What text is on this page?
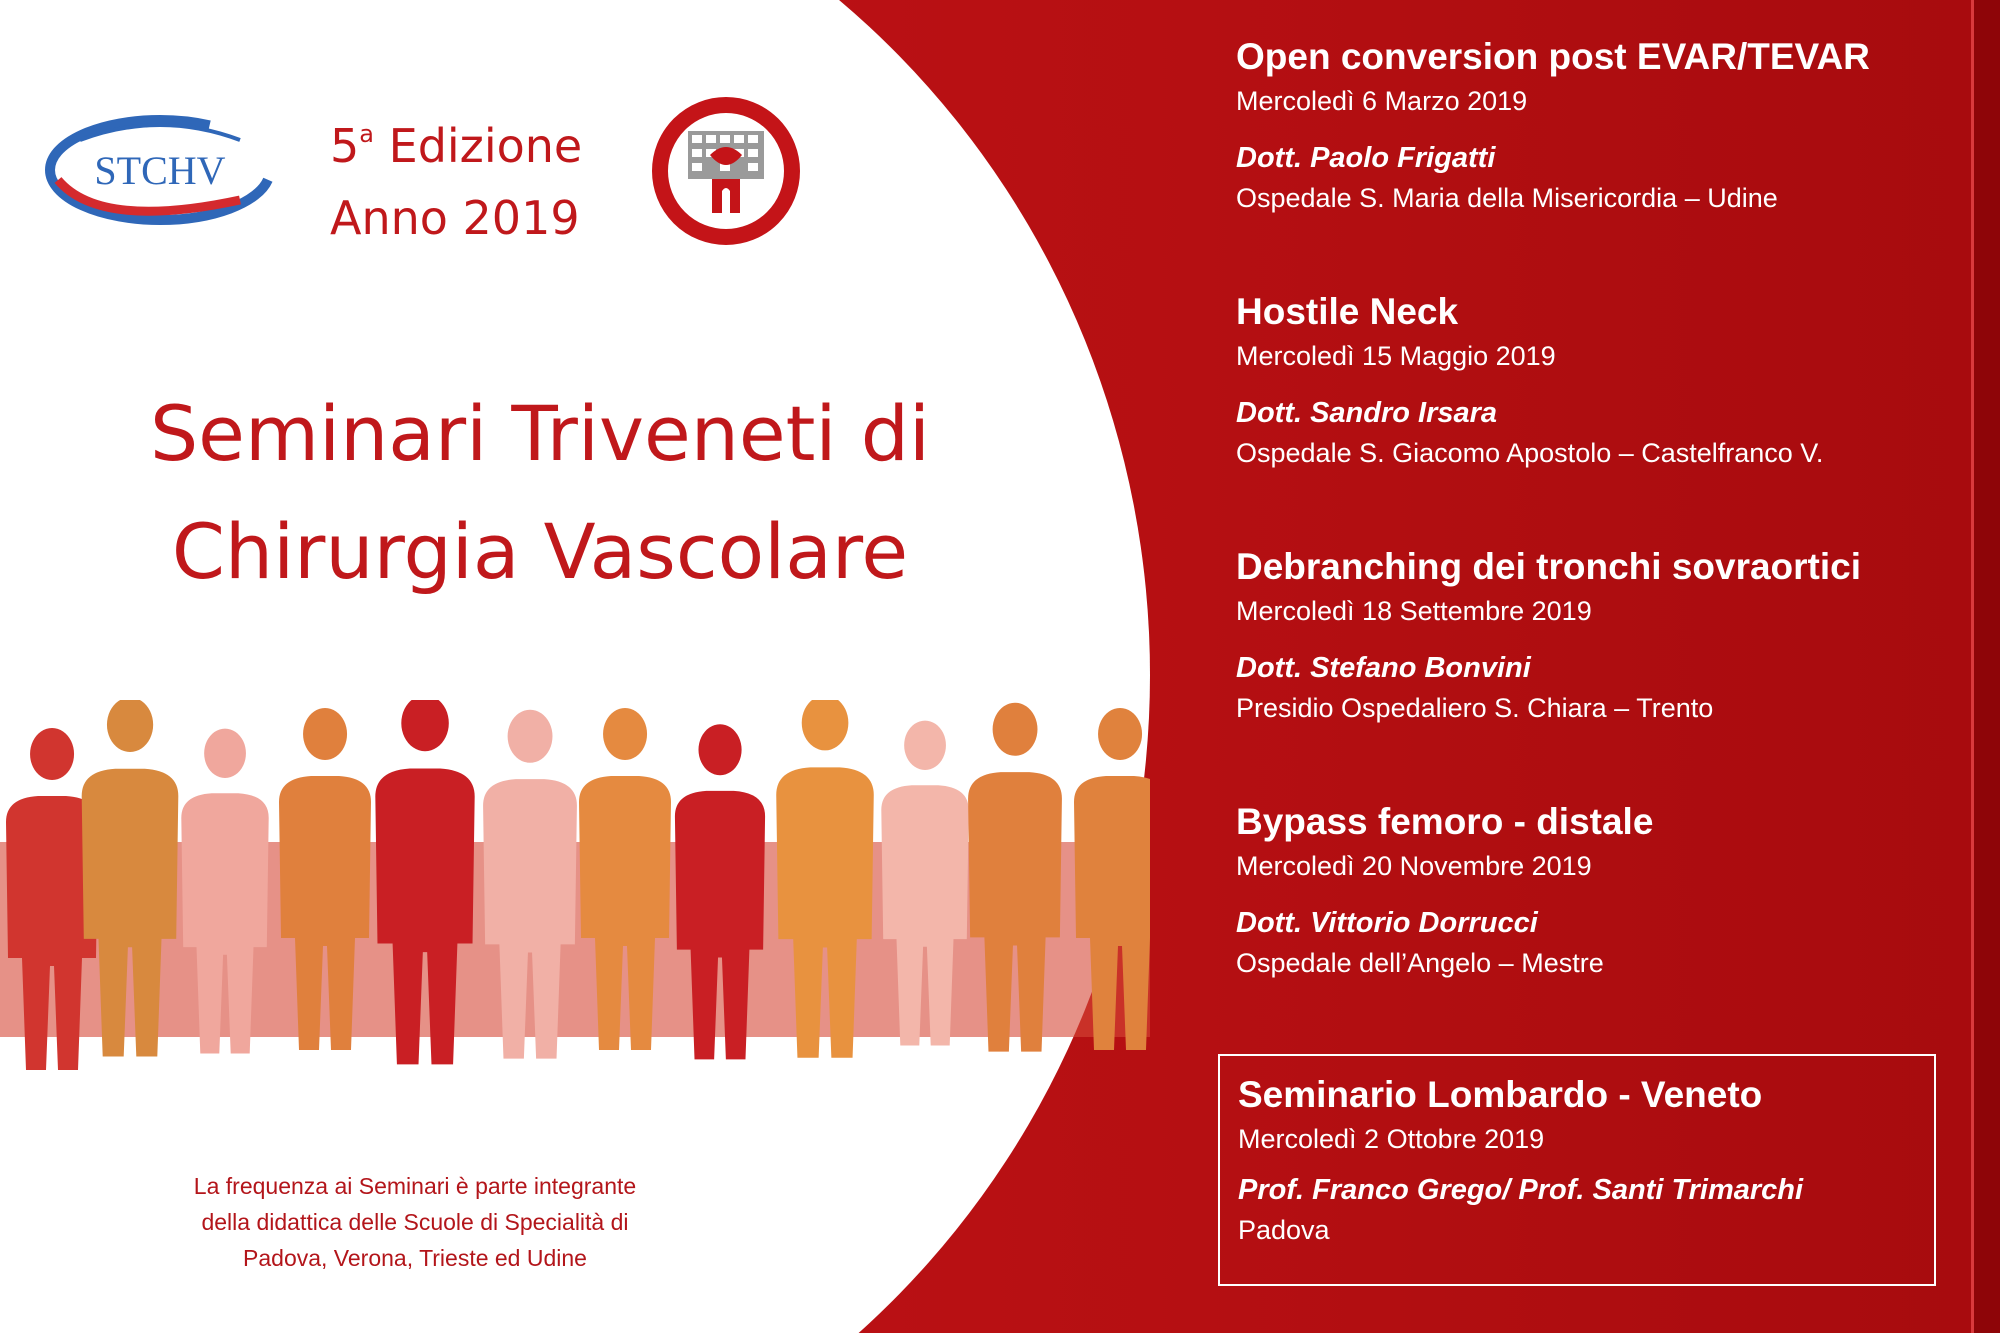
STCHV 5$^a$ Edizione
Anno 2019
Seminari Triveneti di
Chirurgia Vascolare
La frequenza ai Seminari è parte integrante
della didattica delle Scuole di Specialità di
Padova, Verona, Trieste ed Udine
Open conversion post EVAR/TEVAR
Mercoledì 6 Marzo 2019
Dott. Paolo Frigatti
Ospedale S. Maria della Misericordia – Udine
Hostile Neck
Mercoledì 15 Maggio 2019
Dott. Sandro Irsara
Ospedale S. Giacomo Apostolo – Castelfranco V.
Debranching dei tronchi sovraortici
Mercoledì 18 Settembre 2019
Dott. Stefano Bonvini
Presidio Ospedaliero S. Chiara – Trento
Bypass femoro - distale
Mercoledì 20 Novembre 2019
Dott. Vittorio Dorrucci
Ospedale dell’Angelo – Mestre
Seminario Lombardo - Veneto
Mercoledì 2 Ottobre 2019
Prof. Franco Grego/ Prof. Santi Trimarchi
Padova
